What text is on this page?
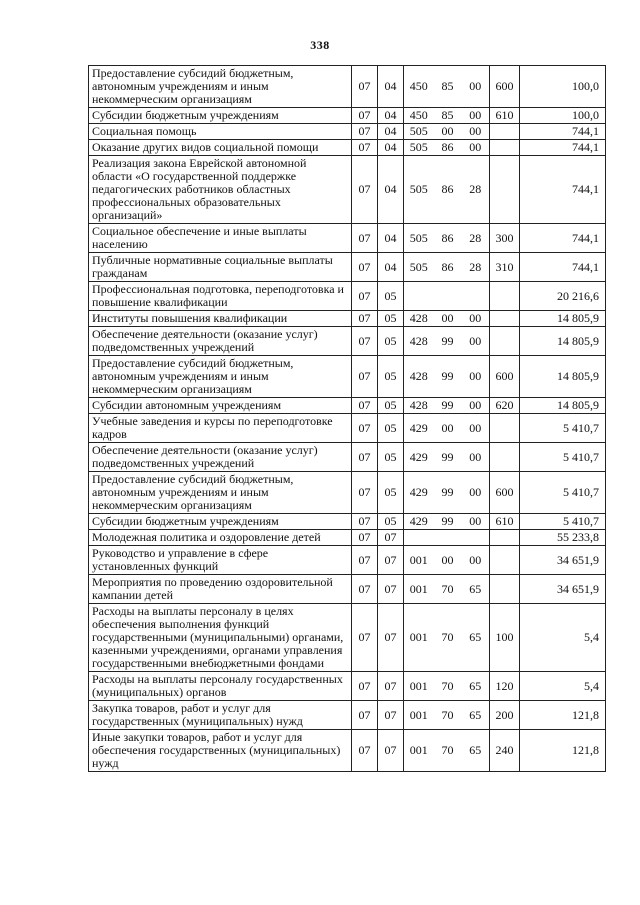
338
Предоставление субсидий бюджетным, автономным учреждениям и иным некоммерческим организациям	07	04	450	85	00	600	100,0
Субсидии бюджетным учреждениям	07	04	450	85	00	610	100,0
Социальная помощь	07	04	505	00	00		744,1
Оказание других видов социальной помощи	07	04	505	86	00		744,1
Реализация закона Еврейской автономной области «О государственной поддержке педагогических работников областных профессиональных образовательных организаций»	07	04	505	86	28		744,1
Социальное обеспечение и иные выплаты населению	07	04	505	86	28	300	744,1
Публичные нормативные социальные выплаты гражданам	07	04	505	86	28	310	744,1
Профессиональная подготовка, переподготовка и повышение квалификации	07	05					20 216,6
Институты повышения квалификации	07	05	428	00	00		14 805,9
Обеспечение деятельности (оказание услуг) подведомственных учреждений	07	05	428	99	00		14 805,9
Предоставление субсидий бюджетным, автономным учреждениям и иным некоммерческим организациям	07	05	428	99	00	600	14 805,9
Субсидии автономным учреждениям	07	05	428	99	00	620	14 805,9
Учебные заведения и курсы по переподготовке кадров	07	05	429	00	00		5 410,7
Обеспечение деятельности (оказание услуг) подведомственных учреждений	07	05	429	99	00		5 410,7
Предоставление субсидий бюджетным, автономным учреждениям и иным некоммерческим организациям	07	05	429	99	00	600	5 410,7
Субсидии бюджетным учреждениям	07	05	429	99	00	610	5 410,7
Молодежная политика и оздоровление детей	07	07					55 233,8
Руководство и управление в сфере установленных функций	07	07	001	00	00		34 651,9
Мероприятия по проведению оздоровительной кампании детей	07	07	001	70	65		34 651,9
Расходы на выплаты персоналу в целях обеспечения выполнения функций государственными (муниципальными) органами, казенными учреждениями, органами управления государственными внебюджетными фондами	07	07	001	70	65	100	5,4
Расходы на выплаты персоналу государственных (муниципальных) органов	07	07	001	70	65	120	5,4
Закупка товаров, работ и услуг для государственных (муниципальных) нужд	07	07	001	70	65	200	121,8
Иные закупки товаров, работ и услуг для обеспечения государственных (муниципальных) нужд	07	07	001	70	65	240	121,8
